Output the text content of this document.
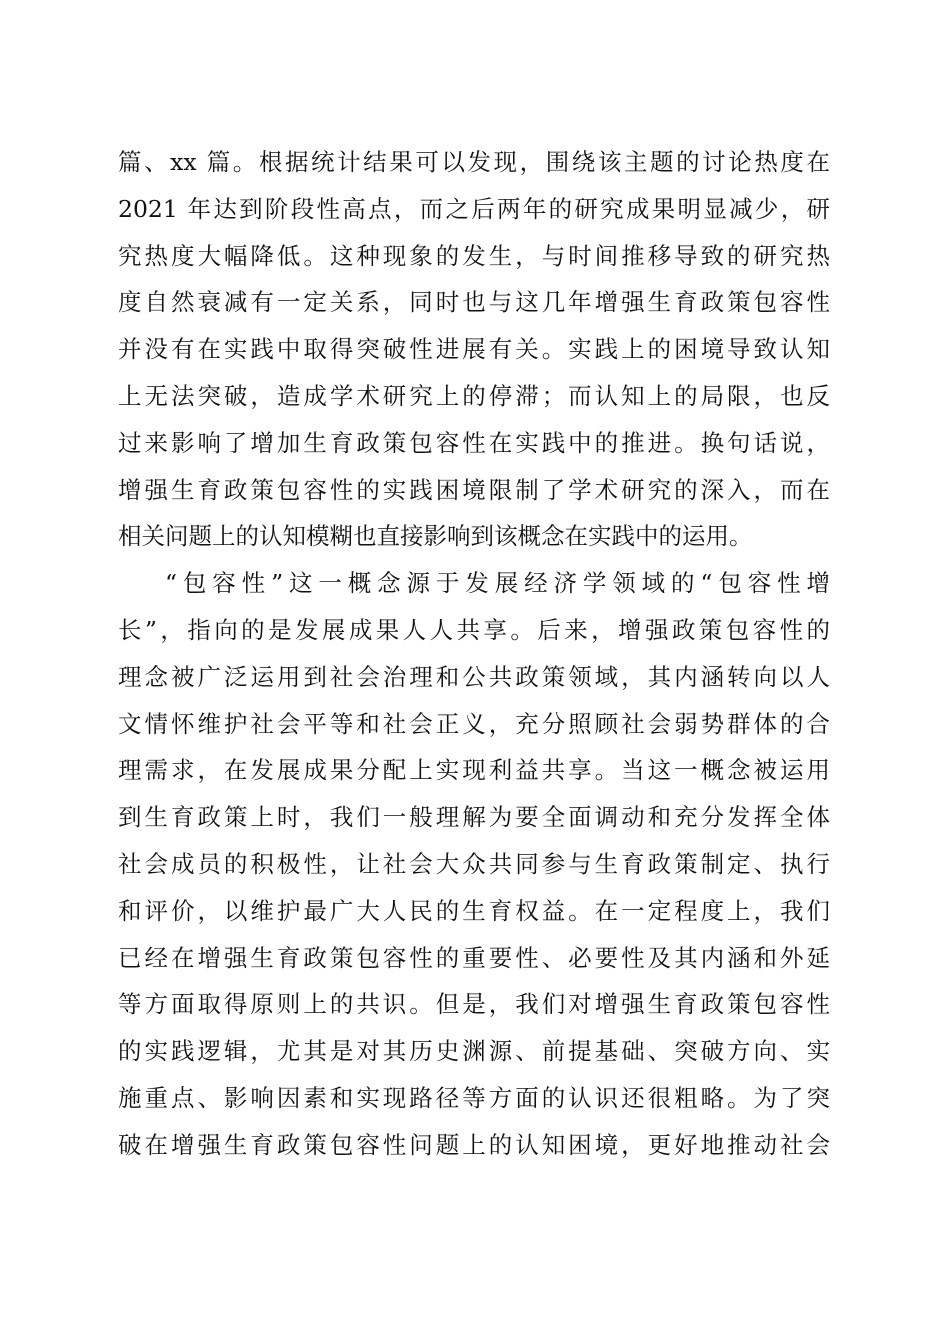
篇、xx 篇。根据统计结果可以发现，围绕该主题的讨论热度在
2021 年达到阶段性高点，而之后两年的研究成果明显减少，研
究热度大幅降低。这种现象的发生，与时间推移导致的研究热
度自然衰减有一定关系，同时也与这几年增强生育政策包容性
并没有在实践中取得突破性进展有关。实践上的困境导致认知
上无法突破，造成学术研究上的停滞；而认知上的局限，也反
过来影响了增加生育政策包容性在实践中的推进。换句话说，
增强生育政策包容性的实践困境限制了学术研究的深入，而在
相关问题上的认知模糊也直接影响到该概念在实践中的运用。
“包容性”这一概念源于发展经济学领域的“包容性增
长”，指向的是发展成果人人共享。后来，增强政策包容性的
理念被广泛运用到社会治理和公共政策领域，其内涵转向以人
文情怀维护社会平等和社会正义，充分照顾社会弱势群体的合
理需求，在发展成果分配上实现利益共享。当这一概念被运用
到生育政策上时，我们一般理解为要全面调动和充分发挥全体
社会成员的积极性，让社会大众共同参与生育政策制定、执行
和评价，以维护最广大人民的生育权益。在一定程度上，我们
已经在增强生育政策包容性的重要性、必要性及其内涵和外延
等方面取得原则上的共识。但是，我们对增强生育政策包容性
的实践逻辑，尤其是对其历史渊源、前提基础、突破方向、实
施重点、影响因素和实现路径等方面的认识还很粗略。为了突
破在增强生育政策包容性问题上的认知困境，更好地推动社会
